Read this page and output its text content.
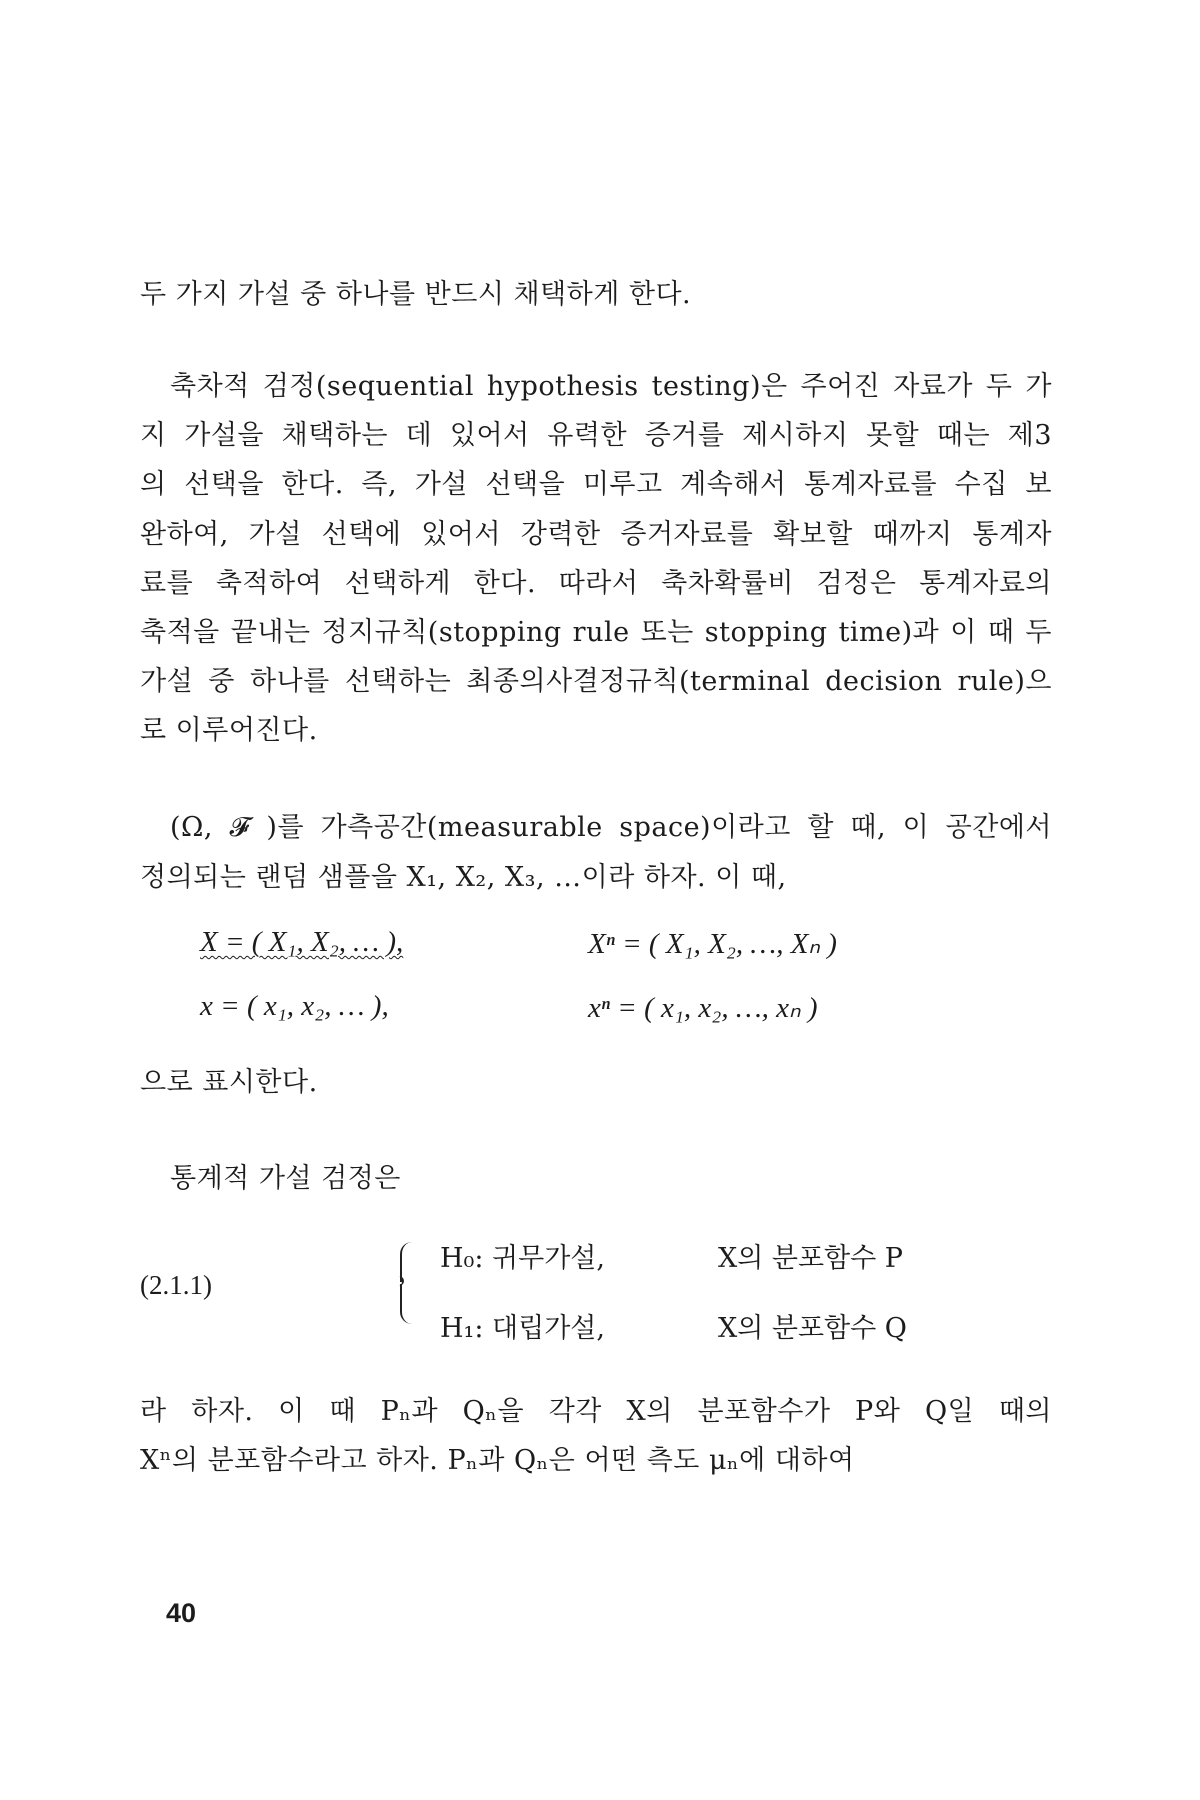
두 가지 가설 중 하나를 반드시 채택하게 한다.

축차적 검정(sequential hypothesis testing)은 주어진 자료가 두 가
지 가설을 채택하는 데 있어서 유력한 증거를 제시하지 못할 때는 제3
의 선택을 한다. 즉, 가설 선택을 미루고 계속해서 통계자료를 수집 보
완하여, 가설 선택에 있어서 강력한 증거자료를 확보할 때까지 통계자
료를 축적하여 선택하게 한다. 따라서 축차확률비 검정은 통계자료의
축적을 끝내는 정지규칙(stopping rule 또는 stopping time)과 이 때 두
가설 중 하나를 선택하는 최종의사결정규칙(terminal decision rule)으
로 이루어진다.

(Ω, 𝓕 )를 가측공간(measurable space)이라고 할 때, 이 공간에서
정의되는 랜덤 샘플을 X₁, X₂, X₃, …이라 하자. 이 때,

X = ( X₁, X₂, … ),	Xⁿ = ( X₁, X₂, …, Xₙ )
x = ( x₁, x₂, … ),	xⁿ = ( x₁, x₂, …, xₙ )

으로 표시한다.

통계적 가설 검정은

(2.1.1)
H₀: 귀무가설,
H₁: 대립가설,
X의 분포함수 P
X의 분포함수 Q

라 하자. 이 때 Pₙ과 Qₙ을 각각 X의 분포함수가 P와 Q일 때의
Xⁿ의 분포함수라고 하자. Pₙ과 Qₙ은 어떤 측도 μₙ에 대하여

40
